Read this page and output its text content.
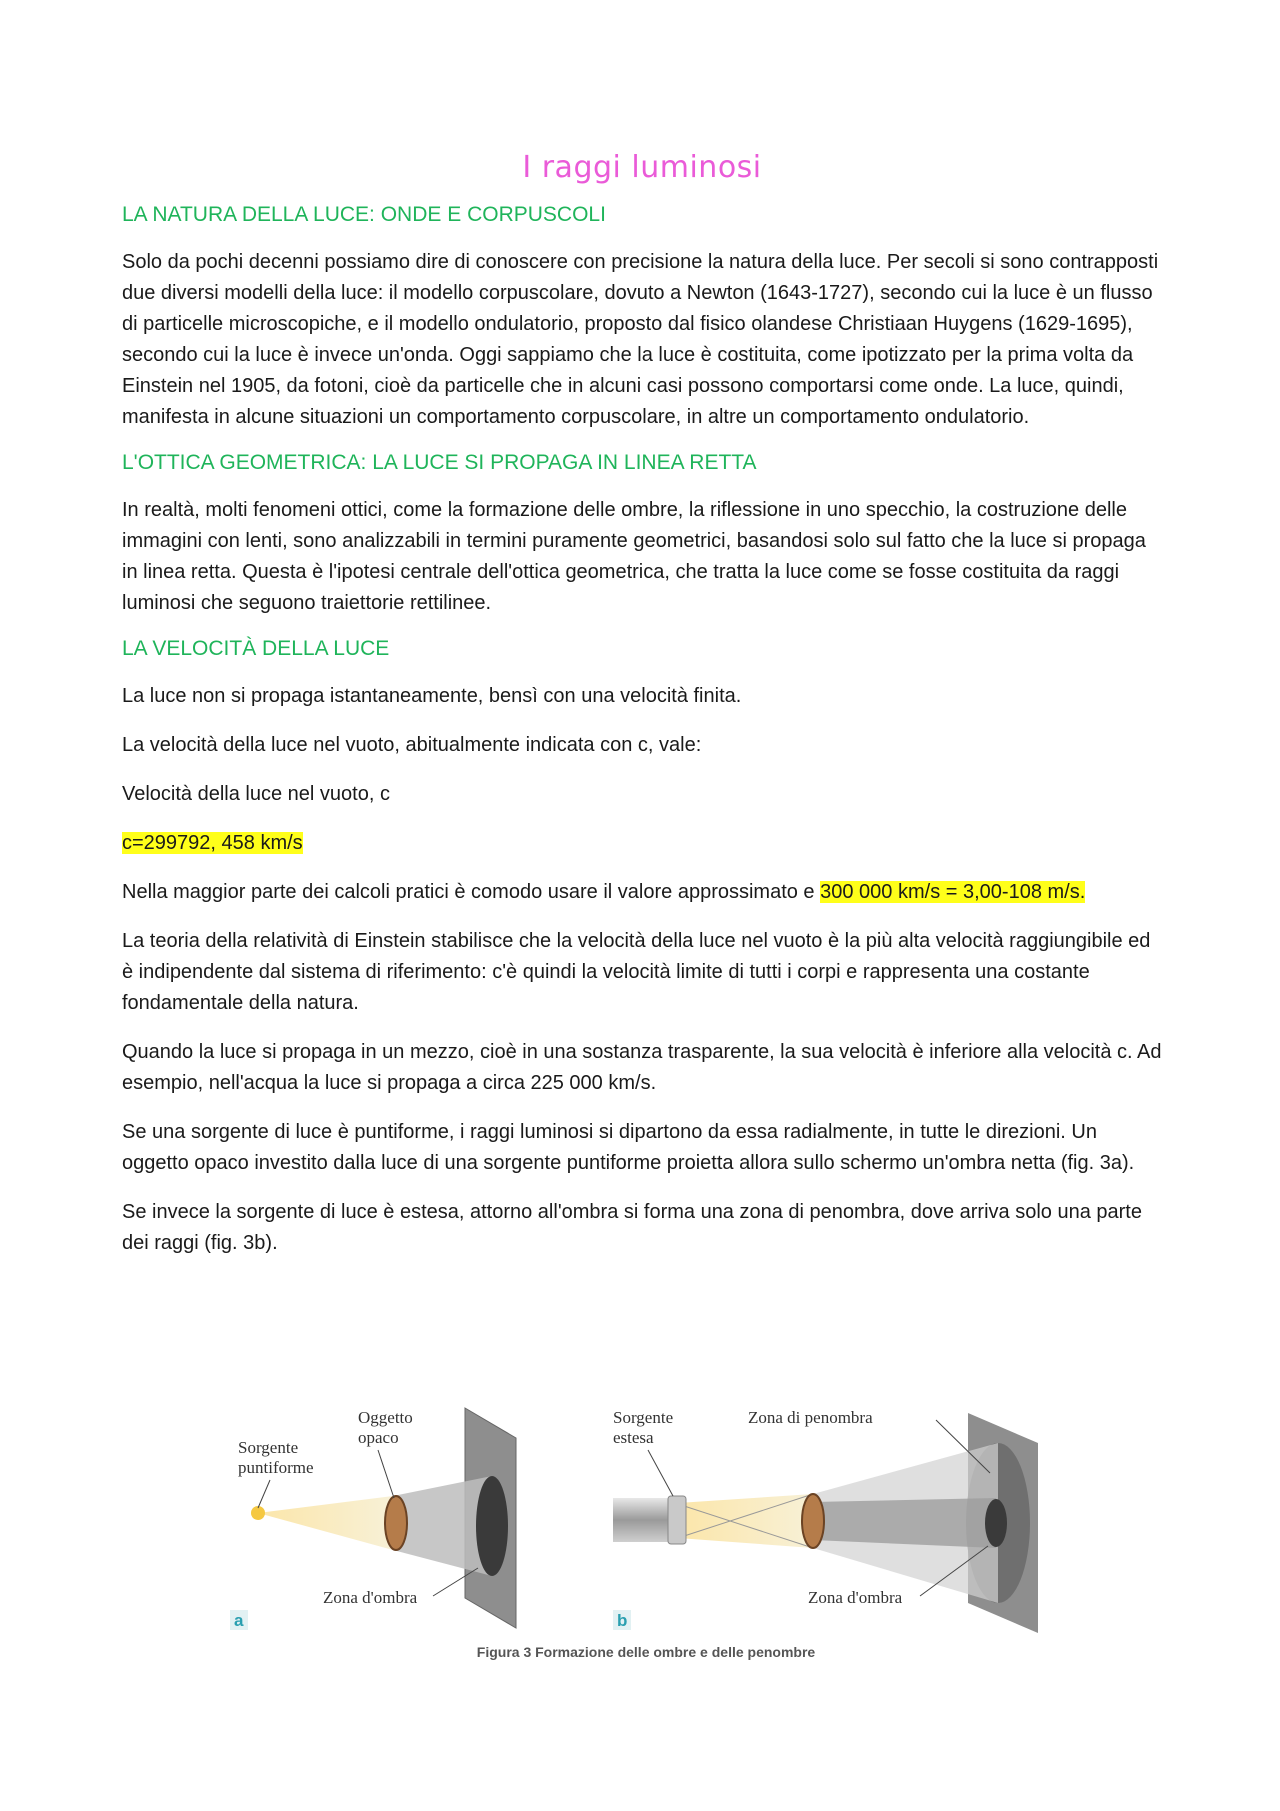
I raggi luminosi
LA NATURA DELLA LUCE: ONDE E CORPUSCOLI

Solo da pochi decenni possiamo dire di conoscere con precisione la natura della luce. Per secoli si sono contrapposti due diversi modelli della luce: il modello corpuscolare, dovuto a Newton (1643-1727), secondo cui la luce è un flusso di particelle microscopiche, e il modello ondulatorio, proposto dal fisico olandese Christiaan Huygens (1629-1695), secondo cui la luce è invece un'onda. Oggi sappiamo che la luce è costituita, come ipotizzato per la prima volta da Einstein nel 1905, da fotoni, cioè da particelle che in alcuni casi possono comportarsi come onde. La luce, quindi, manifesta in alcune situazioni un comportamento corpuscolare, in altre un comportamento ondulatorio.

L'OTTICA GEOMETRICA: LA LUCE SI PROPAGA IN LINEA RETTA

In realtà, molti fenomeni ottici, come la formazione delle ombre, la riflessione in uno specchio, la costruzione delle immagini con lenti, sono analizzabili in termini puramente geometrici, basandosi solo sul fatto che la luce si propaga in linea retta. Questa è l'ipotesi centrale dell'ottica geometrica, che tratta la luce come se fosse costituita da raggi luminosi che seguono traiettorie rettilinee.

LA VELOCITÀ DELLA LUCE

La luce non si propaga istantaneamente, bensì con una velocità finita.

La velocità della luce nel vuoto, abitualmente indicata con c, vale:

Velocità della luce nel vuoto, c

c=299792, 458 km/s

Nella maggior parte dei calcoli pratici è comodo usare il valore approssimato e 300 000 km/s = 3,00-108 m/s.

La teoria della relatività di Einstein stabilisce che la velocità della luce nel vuoto è la più alta velocità raggiungibile ed è indipendente dal sistema di riferimento: c'è quindi la velocità limite di tutti i corpi e rappresenta una costante fondamentale della natura.

Quando la luce si propaga in un mezzo, cioè in una sostanza trasparente, la sua velocità è inferiore alla velocità c. Ad esempio, nell'acqua la luce si propaga a circa 225 000 km/s.

Se una sorgente di luce è puntiforme, i raggi luminosi si dipartono da essa radialmente, in tutte le direzioni. Un oggetto opaco investito dalla luce di una sorgente puntiforme proietta allora sullo schermo un'ombra netta (fig. 3a).

Se invece la sorgente di luce è estesa, attorno all'ombra si forma una zona di penombra, dove arriva solo una parte dei raggi (fig. 3b).

Sorgente
puntiforme
Oggetto
opaco
Zona d'ombra
a
Sorgente
estesa
Zona di penombra
Zona d'ombra
b
Figura 3 Formazione delle ombre e delle penombre
